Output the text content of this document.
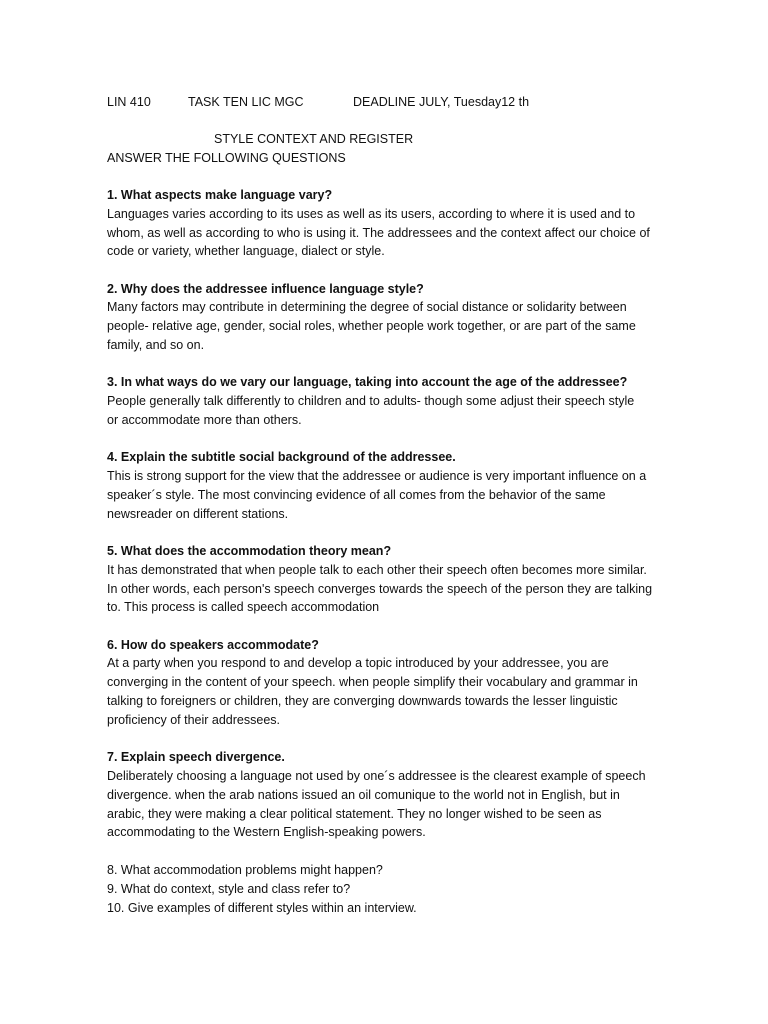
LIN 410	TASK TEN LIC MGC	DEADLINE JULY, Tuesday12 th
STYLE CONTEXT AND REGISTER
ANSWER THE FOLLOWING QUESTIONS

1. What aspects make language vary?

Languages varies according to its uses as well as its users, according to where it is used and to
whom, as well as according to who is using it. The addressees and the context affect our choice of
code or variety, whether language, dialect or style.

2. Why does the addressee influence language style?

Many factors may contribute in determining the degree of social distance or solidarity between
people- relative age, gender, social roles, whether people work together, or are part of the same
family, and so on.

3. In what ways do we vary our language, taking into account the age of the addressee?

People generally talk differently to children and to adults- though some adjust their speech style
or accommodate more than others.

4. Explain the subtitle social background of the addressee.

This is strong support for the view that the addressee or audience is very important influence on a
speaker´s style. The most convincing evidence of all comes from the behavior of the same
newsreader on different stations.

5. What does the accommodation theory mean?

It has demonstrated that when people talk to each other their speech often becomes more similar.
In other words, each person's speech converges towards the speech of the person they are talking
to. This process is called speech accommodation

6. How do speakers accommodate?

At a party when you respond to and develop a topic introduced by your addressee, you are
converging in the content of your speech. when people simplify their vocabulary and grammar in
talking to foreigners or children, they are converging downwards towards the lesser linguistic
proficiency of their addressees.

7. Explain speech divergence.

Deliberately choosing a language not used by one´s addressee is the clearest example of speech
divergence. when the arab nations issued an oil comunique to the world not in English, but in
arabic, they were making a clear political statement. They no longer wished to be seen as
accommodating to the Western English-speaking powers.

8. What accommodation problems might happen?

9. What do context, style and class refer to?

10. Give examples of different styles within an interview.
